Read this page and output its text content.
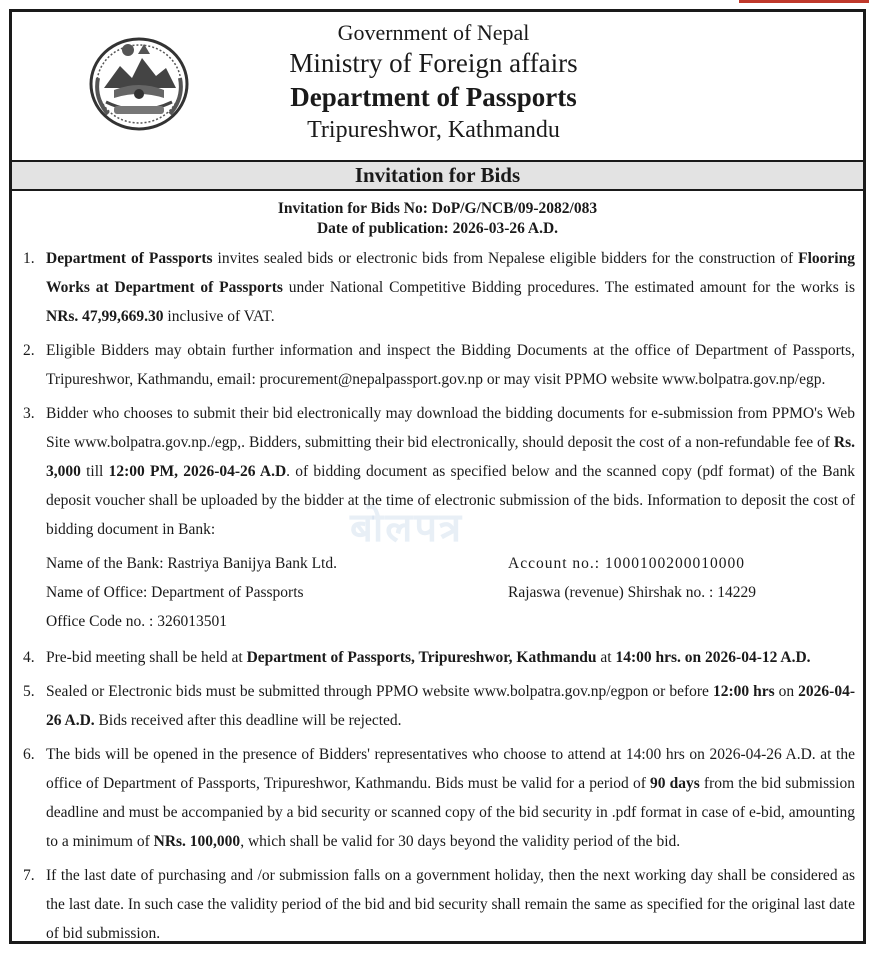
Government of Nepal
Ministry of Foreign affairs
Department of Passports
Tripureshwor, Kathmandu
Invitation for Bids
Invitation for Bids No: DoP/G/NCB/09-2082/083
Date of publication: 2026-03-26 A.D.
1. Department of Passports invites sealed bids or electronic bids from Nepalese eligible bidders for the construction of Flooring Works at Department of Passports under National Competitive Bidding procedures. The estimated amount for the works is NRs. 47,99,669.30 inclusive of VAT.
2. Eligible Bidders may obtain further information and inspect the Bidding Documents at the office of Department of Passports, Tripureshwor, Kathmandu, email: procurement@nepalpassport.gov.np or may visit PPMO website www.bolpatra.gov.np/egp.
3. Bidder who chooses to submit their bid electronically may download the bidding documents for e-submission from PPMO's Web Site www.bolpatra.gov.np./egp,. Bidders, submitting their bid electronically, should deposit the cost of a non-refundable fee of Rs. 3,000 till 12:00 PM, 2026-04-26 A.D. of bidding document as specified below and the scanned copy (pdf format) of the Bank deposit voucher shall be uploaded by the bidder at the time of electronic submission of the bids. Information to deposit the cost of bidding document in Bank:
Name of the Bank: Rastriya Banijya Bank Ltd.
Name of Office: Department of Passports
Office Code no. : 326013501
Account no.: 1000100200010000
Rajaswa (revenue) Shirshak no. : 14229
4. Pre-bid meeting shall be held at Department of Passports, Tripureshwor, Kathmandu at 14:00 hrs. on 2026-04-12 A.D.
5. Sealed or Electronic bids must be submitted through PPMO website www.bolpatra.gov.np/egpon or before 12:00 hrs on 2026-04-26 A.D. Bids received after this deadline will be rejected.
6. The bids will be opened in the presence of Bidders' representatives who choose to attend at 14:00 hrs on 2026-04-26 A.D. at the office of Department of Passports, Tripureshwor, Kathmandu. Bids must be valid for a period of 90 days from the bid submission deadline and must be accompanied by a bid security or scanned copy of the bid security in .pdf format in case of e-bid, amounting to a minimum of NRs. 100,000, which shall be valid for 30 days beyond the validity period of the bid.
7. If the last date of purchasing and /or submission falls on a government holiday, then the next working day shall be considered as the last date. In such case the validity period of the bid and bid security shall remain the same as specified for the original last date of bid submission.
बोलपत्र
